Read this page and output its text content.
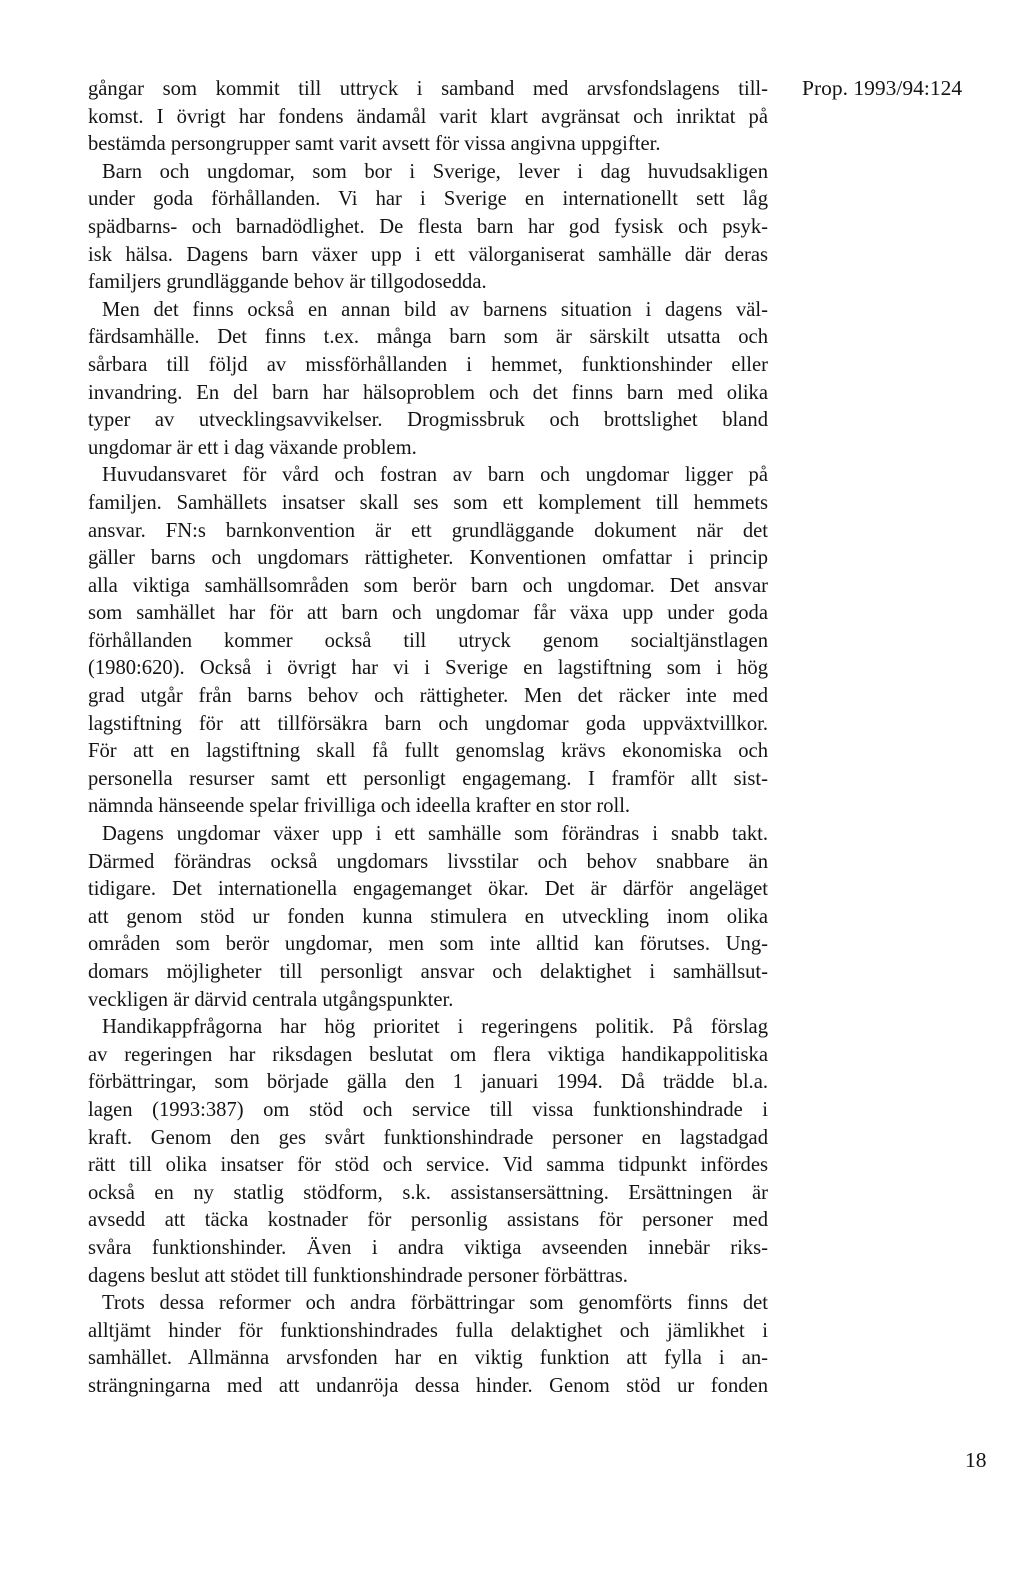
Prop. 1993/94:124
gångar som kommit till uttryck i samband med arvsfondslagens till-
komst. I övrigt har fondens ändamål varit klart avgränsat och inriktat på
bestämda persongrupper samt varit avsett för vissa angivna uppgifter.
Barn och ungdomar, som bor i Sverige, lever i dag huvudsakligen
under goda förhållanden. Vi har i Sverige en internationellt sett låg
spädbarns- och barnadödlighet. De flesta barn har god fysisk och psyk-
isk hälsa. Dagens barn växer upp i ett välorganiserat samhälle där deras
familjers grundläggande behov är tillgodosedda.
Men det finns också en annan bild av barnens situation i dagens väl-
färdsamhälle. Det finns t.ex. många barn som är särskilt utsatta och
sårbara till följd av missförhållanden i hemmet, funktionshinder eller
invandring. En del barn har hälsoproblem och det finns barn med olika
typer av utvecklingsavvikelser. Drogmissbruk och brottslighet bland
ungdomar är ett i dag växande problem.
Huvudansvaret för vård och fostran av barn och ungdomar ligger på
familjen. Samhällets insatser skall ses som ett komplement till hemmets
ansvar. FN:s barnkonvention är ett grundläggande dokument när det
gäller barns och ungdomars rättigheter. Konventionen omfattar i princip
alla viktiga samhällsområden som berör barn och ungdomar. Det ansvar
som samhället har för att barn och ungdomar får växa upp under goda
förhållanden kommer också till utryck genom socialtjänstlagen
(1980:620). Också i övrigt har vi i Sverige en lagstiftning som i hög
grad utgår från barns behov och rättigheter. Men det räcker inte med
lagstiftning för att tillförsäkra barn och ungdomar goda uppväxtvillkor.
För att en lagstiftning skall få fullt genomslag krävs ekonomiska och
personella resurser samt ett personligt engagemang. I framför allt sist-
nämnda hänseende spelar frivilliga och ideella krafter en stor roll.
Dagens ungdomar växer upp i ett samhälle som förändras i snabb takt.
Därmed förändras också ungdomars livsstilar och behov snabbare än
tidigare. Det internationella engagemanget ökar. Det är därför angeläget
att genom stöd ur fonden kunna stimulera en utveckling inom olika
områden som berör ungdomar, men som inte alltid kan förutses. Ung-
domars möjligheter till personligt ansvar och delaktighet i samhällsut-
veckligen är därvid centrala utgångspunkter.
Handikappfrågorna har hög prioritet i regeringens politik. På förslag
av regeringen har riksdagen beslutat om flera viktiga handikappolitiska
förbättringar, som började gälla den 1 januari 1994. Då trädde bl.a.
lagen (1993:387) om stöd och service till vissa funktionshindrade i
kraft. Genom den ges svårt funktionshindrade personer en lagstadgad
rätt till olika insatser för stöd och service. Vid samma tidpunkt infördes
också en ny statlig stödform, s.k. assistansersättning. Ersättningen är
avsedd att täcka kostnader för personlig assistans för personer med
svåra funktionshinder. Även i andra viktiga avseenden innebär riks-
dagens beslut att stödet till funktionshindrade personer förbättras.
Trots dessa reformer och andra förbättringar som genomförts finns det
alltjämt hinder för funktionshindrades fulla delaktighet och jämlikhet i
samhället. Allmänna arvsfonden har en viktig funktion att fylla i an-
strängningarna med att undanröja dessa hinder. Genom stöd ur fonden
18
